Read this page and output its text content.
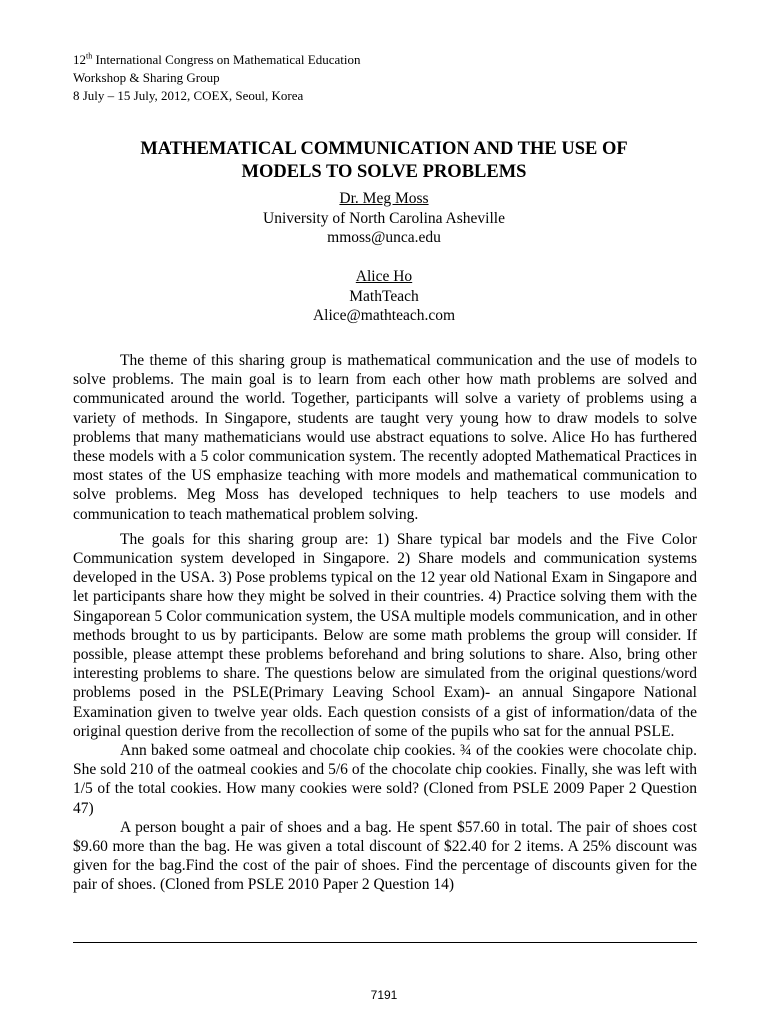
12th International Congress on Mathematical Education
Workshop & Sharing Group
8 July – 15 July, 2012, COEX, Seoul, Korea
MATHEMATICAL COMMUNICATION AND THE USE OF
MODELS TO SOLVE PROBLEMS
Dr. Meg Moss
University of North Carolina Asheville
mmoss@unca.edu
Alice Ho
MathTeach
Alice@mathteach.com

The theme of this sharing group is mathematical communication and the use of models to solve problems. The main goal is to learn from each other how math problems are solved and communicated around the world. Together, participants will solve a variety of problems using a variety of methods. In Singapore, students are taught very young how to draw models to solve problems that many mathematicians would use abstract equations to solve. Alice Ho has furthered these models with a 5 color communication system. The recently adopted Mathematical Practices in most states of the US emphasize teaching with more models and mathematical communication to solve problems. Meg Moss has developed techniques to help teachers to use models and communication to teach mathematical problem solving.

The goals for this sharing group are: 1) Share typical bar models and the Five Color Communication system developed in Singapore. 2) Share models and communication systems developed in the USA. 3) Pose problems typical on the 12 year old National Exam in Singapore and let participants share how they might be solved in their countries. 4) Practice solving them with the Singaporean 5 Color communication system, the USA multiple models communication, and in other methods brought to us by participants. Below are some math problems the group will consider. If possible, please attempt these problems beforehand and bring solutions to share. Also, bring other interesting problems to share. The questions below are simulated from the original questions/word problems posed in the PSLE(Primary Leaving School Exam)- an annual Singapore National Examination given to twelve year olds. Each question consists of a gist of information/data of the original question derive from the recollection of some of the pupils who sat for the annual PSLE.

Ann baked some oatmeal and chocolate chip cookies. ¾ of the cookies were chocolate chip. She sold 210 of the oatmeal cookies and 5/6 of the chocolate chip cookies. Finally, she was left with 1/5 of the total cookies. How many cookies were sold? (Cloned from PSLE 2009 Paper 2 Question 47)

A person bought a pair of shoes and a bag. He spent $57.60 in total. The pair of shoes cost $9.60 more than the bag. He was given a total discount of $22.40 for 2 items. A 25% discount was given for the bag.Find the cost of the pair of shoes. Find the percentage of discounts given for the pair of shoes. (Cloned from PSLE 2010 Paper 2 Question 14)

7191
